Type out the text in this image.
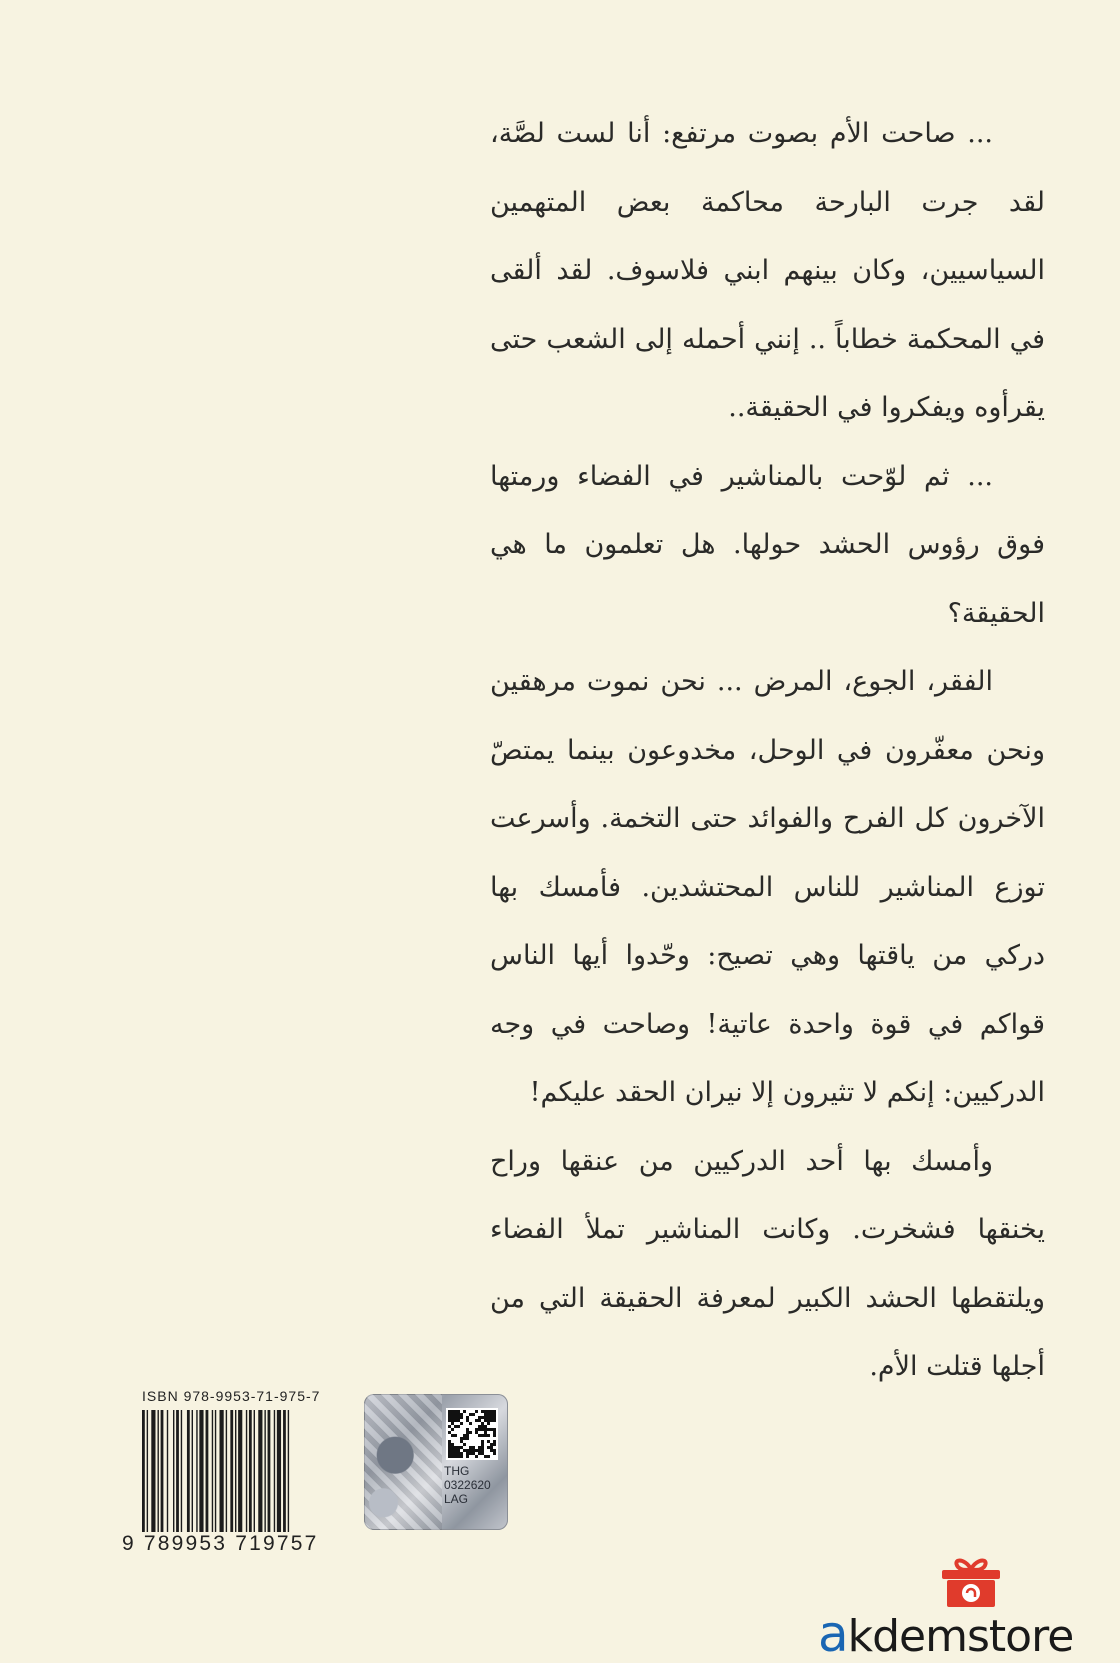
... صاحت الأم بصوت مرتفع: أنا لست لصَّة، لقد جرت البارحة محاكمة بعض المتهمين السياسيين، وكان بينهم ابني فلاسوف. لقد ألقى في المحكمة خطاباً .. إنني أحمله إلى الشعب حتى يقرأوه ويفكروا في الحقيقة..

... ثم لوّحت بالمناشير في الفضاء ورمتها فوق رؤوس الحشد حولها. هل تعلمون ما هي الحقيقة؟

الفقر، الجوع، المرض ... نحن نموت مرهقين ونحن معفّرون في الوحل، مخدوعون بينما يمتصّ الآخرون كل الفرح والفوائد حتى التخمة. وأسرعت توزع المناشير للناس المحتشدين. فأمسك بها دركي من ياقتها وهي تصيح: وحّدوا أيها الناس قواكم في قوة واحدة عاتية! وصاحت في وجه الدركيين: إنكم لا تثيرون إلا نيران الحقد عليكم!

وأمسك بها أحد الدركيين من عنقها وراح يخنقها فشخرت. وكانت المناشير تملأ الفضاء ويلتقطها الحشد الكبير لمعرفة الحقيقة التي من أجلها قتلت الأم.

ISBN 978-9953-71-975-7
9 789953 719757
THG
0322620
LAG
akdemstore
